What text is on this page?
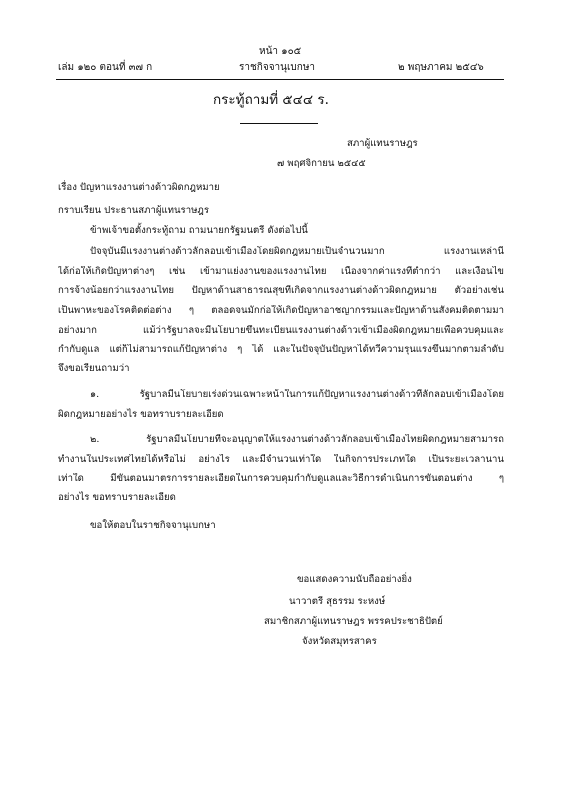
หน้า ๑๐๕
เล่ม ๑๒๐ ตอนที่ ๓๗ ก	ราชกิจจานุเบกษา	๒ พฤษภาคม ๒๕๔๖
กระทู้ถามที่ ๕๔๔ ร.
สภาผู้แทนราษฎร
๗ พฤศจิกายน ๒๕๔๕
เรื่อง ปัญหาแรงงานต่างด้าวผิดกฎหมาย
กราบเรียน ประธานสภาผู้แทนราษฎร
ข้าพเจ้าขอตั้งกระทู้ถาม ถามนายกรัฐมนตรี ดังต่อไปนี้
ปัจจุบันมีแรงงานต่างด้าวลักลอบเข้าเมืองโดยผิดกฎหมายเป็นจำนวนมาก แรงงานเหล่านี้
ได้ก่อให้เกิดปัญหาต่างๆ เช่น เข้ามาแย่งงานของแรงงานไทย เนื่องจากค่าแรงที่ต่ำกว่า และเงื่อนไข
การจ้างน้อยกว่าแรงงานไทย ปัญหาด้านสาธารณสุขที่เกิดจากแรงงานต่างด้าวผิดกฎหมาย ตัวอย่างเช่น
เป็นพาหะของโรคติดต่อต่าง ๆ ตลอดจนมักก่อให้เกิดปัญหาอาชญากรรมและปัญหาด้านสังคมติดตามมา
อย่างมาก แม้ว่ารัฐบาลจะมีนโยบายขึ้นทะเบียนแรงงานต่างด้าวเข้าเมืองผิดกฎหมายเพื่อควบคุมและ
กำกับดูแล แต่ก็ไม่สามารถแก้ปัญหาต่าง ๆ ได้ และในปัจจุบันปัญหาได้ทวีความรุนแรงขึ้นมากตามลำดับ
จึงขอเรียนถามว่า
๑. รัฐบาลมีนโยบายเร่งด่วนเฉพาะหน้าในการแก้ปัญหาแรงงานต่างด้าวที่ลักลอบเข้าเมืองโดย
ผิดกฎหมายอย่างไร ขอทราบรายละเอียด
๒. รัฐบาลมีนโยบายที่จะอนุญาตให้แรงงานต่างด้าวลักลอบเข้าเมืองไทยผิดกฎหมายสามารถ
ทำงานในประเทศไทยได้หรือไม่ อย่างไร และมีจำนวนเท่าใด ในกิจการประเภทใด เป็นระยะเวลานาน
เท่าใด มีขั้นตอนมาตรการรายละเอียดในการควบคุมกำกับดูแลและวิธีการดำเนินการขั้นตอนต่าง ๆ
อย่างไร ขอทราบรายละเอียด
ขอให้ตอบในราชกิจจานุเบกษา
ขอแสดงความนับถืออย่างยิ่ง
นาวาตรี สุธรรม ระหงษ์
สมาชิกสภาผู้แทนราษฎร พรรคประชาธิปัตย์
จังหวัดสมุทรสาคร
